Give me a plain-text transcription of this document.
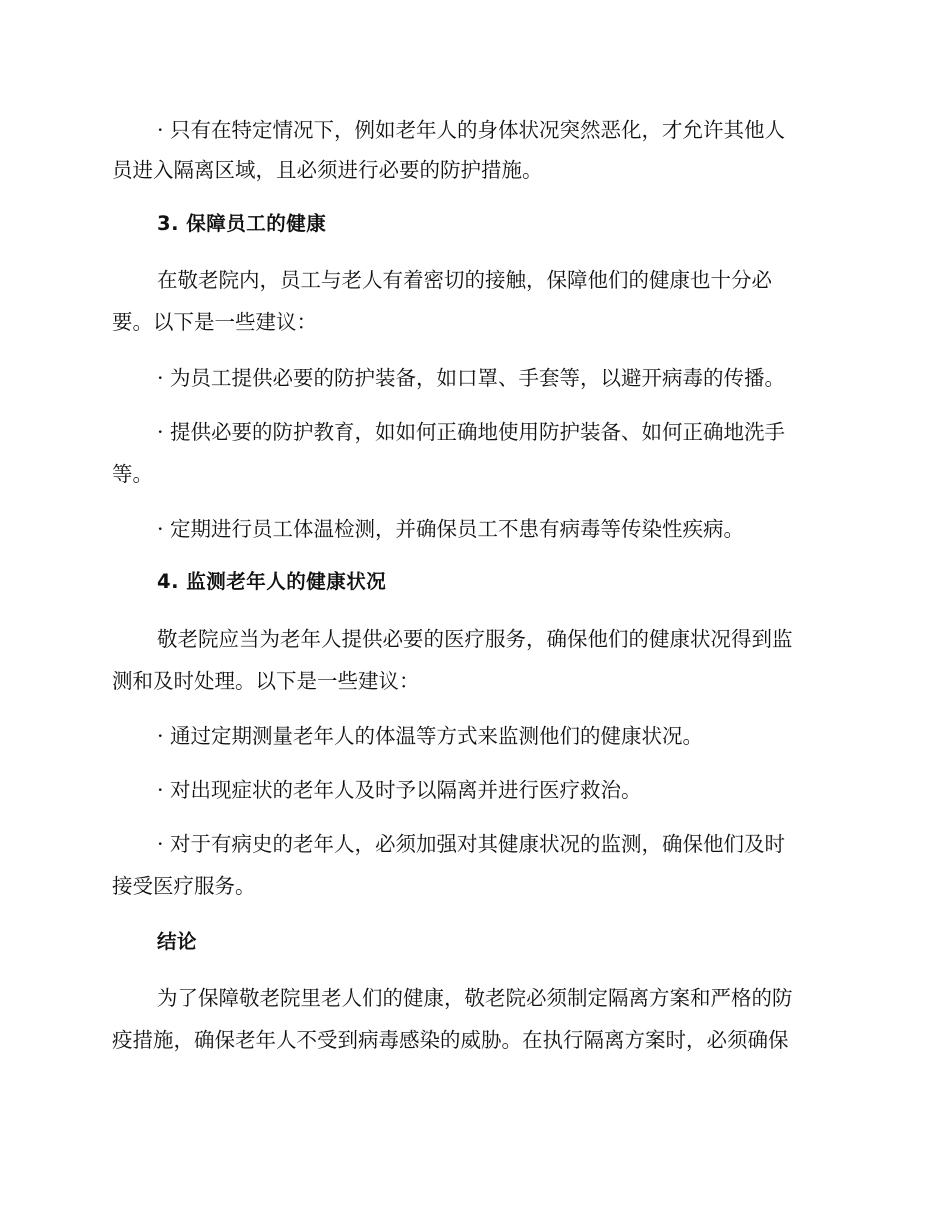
· 只有在特定情况下，例如老年人的身体状况突然恶化，才允许其他人
员进入隔离区域，且必须进行必要的防护措施。
3. 保障员工的健康
在敬老院内，员工与老人有着密切的接触，保障他们的健康也十分必
要。以下是一些建议：
· 为员工提供必要的防护装备，如口罩、手套等，以避开病毒的传播。
· 提供必要的防护教育，如如何正确地使用防护装备、如何正确地洗手
等。
· 定期进行员工体温检测，并确保员工不患有病毒等传染性疾病。
4. 监测老年人的健康状况
敬老院应当为老年人提供必要的医疗服务，确保他们的健康状况得到监
测和及时处理。以下是一些建议：
· 通过定期测量老年人的体温等方式来监测他们的健康状况。
· 对出现症状的老年人及时予以隔离并进行医疗救治。
· 对于有病史的老年人，必须加强对其健康状况的监测，确保他们及时
接受医疗服务。
结论
为了保障敬老院里老人们的健康，敬老院必须制定隔离方案和严格的防
疫措施，确保老年人不受到病毒感染的威胁。在执行隔离方案时，必须确保
